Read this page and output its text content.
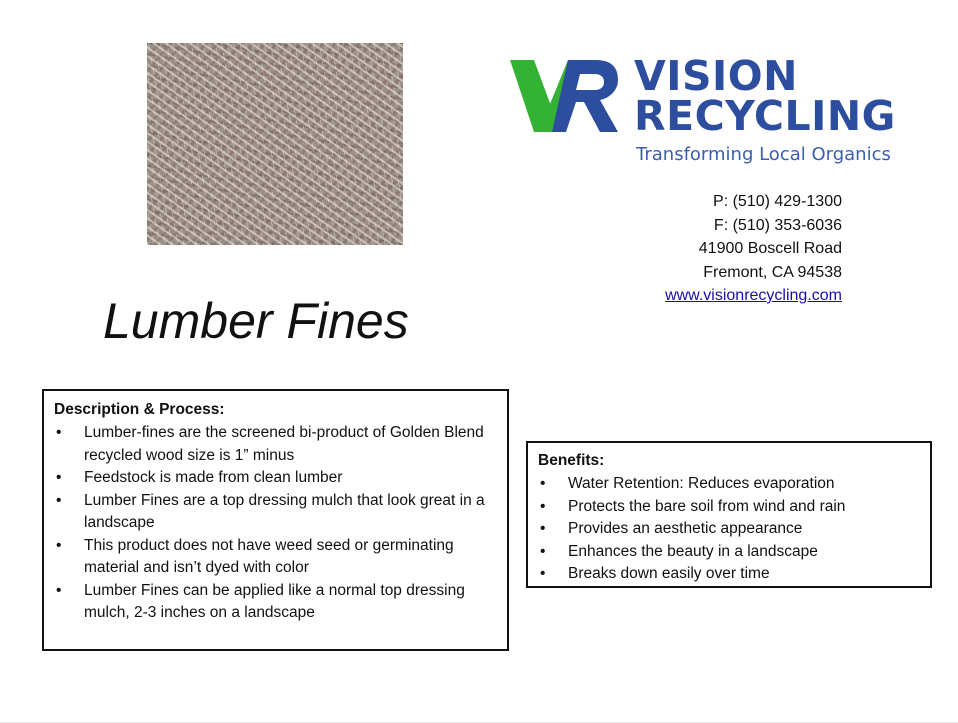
VISION
RECYCLING
Transforming Local Organics
P: (510) 429-1300
F: (510) 353-6036
41900 Boscell Road
Fremont, CA 94538
www.visionrecycling.com
Lumber Fines
Description & Process:
• Lumber-fines are the screened bi-product of Golden Blend recycled wood size is 1” minus
• Feedstock is made from clean lumber
• Lumber Fines are a top dressing mulch that look great in a landscape
• This product does not have weed seed or germinating material and isn’t dyed with color
• Lumber Fines can be applied like a normal top dressing mulch, 2-3 inches on a landscape
Benefits:
• Water Retention: Reduces evaporation
• Protects the bare soil from wind and rain
• Provides an aesthetic appearance
• Enhances the beauty in a landscape
• Breaks down easily over time
